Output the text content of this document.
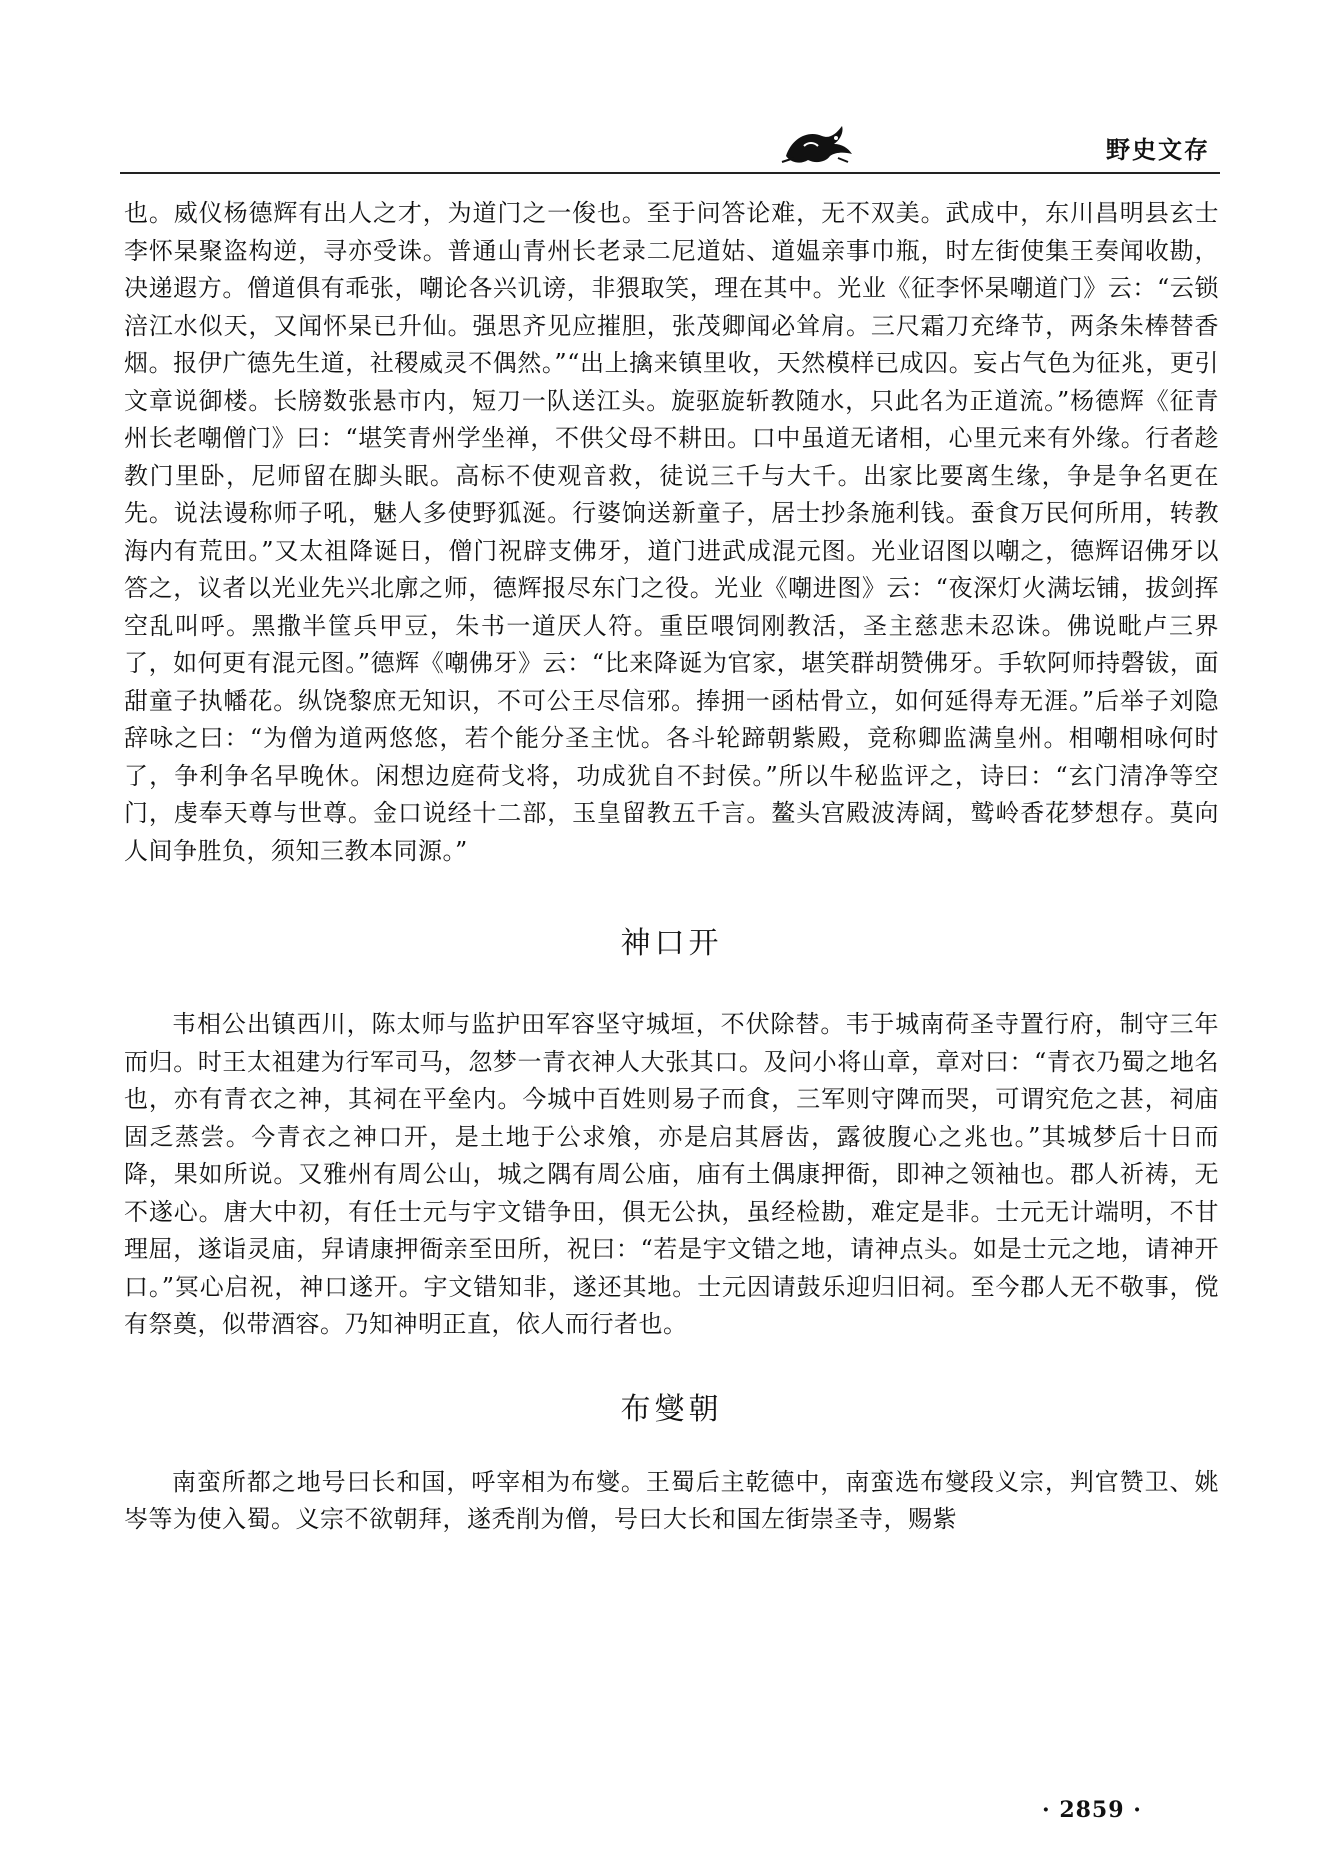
野史文存

也。威仪杨德辉有出人之才，为道门之一俊也。至于问答论难，无不双美。武成中，东川昌明县玄士李怀杲聚盗构逆，寻亦受诛。普通山青州长老录二尼道姑、道媪亲事巾瓶，时左街使集王奏闻收勘，决递遐方。僧道俱有乖张，嘲论各兴讥谤，非猥取笑，理在其中。光业《征李怀杲嘲道门》云：“云锁涪江水似天，又闻怀杲已升仙。强思齐见应摧胆，张茂卿闻必耸肩。三尺霜刀充绛节，两条朱棒替香烟。报伊广德先生道，社稷威灵不偶然。”“出上擒来镇里收，天然模样已成囚。妄占气色为征兆，更引文章说御楼。长牓数张悬市内，短刀一队送江头。旋驱旋斩教随水，只此名为正道流。”杨德辉《征青州长老嘲僧门》曰：“堪笑青州学坐禅，不供父母不耕田。口中虽道无诸相，心里元来有外缘。行者趁教门里卧，尼师留在脚头眠。高标不使观音救，徒说三千与大千。出家比要离生缘，争是争名更在先。说法谩称师子吼，魅人多使野狐涎。行婆饷送新童子，居士抄条施利钱。蚕食万民何所用，转教海内有荒田。”又太祖降诞日，僧门祝辟支佛牙，道门进武成混元图。光业诏图以嘲之，德辉诏佛牙以答之，议者以光业先兴北廓之师，德辉报尽东门之役。光业《嘲进图》云：“夜深灯火满坛铺，拔剑挥空乱叫呼。黑撒半筐兵甲豆，朱书一道厌人符。重臣喂饲刚教活，圣主慈悲未忍诛。佛说毗卢三界了，如何更有混元图。”德辉《嘲佛牙》云：“比来降诞为官家，堪笑群胡赞佛牙。手软阿师持磬钹，面甜童子执幡花。纵饶黎庶无知识，不可公王尽信邪。捧拥一函枯骨立，如何延得寿无涯。”后举子刘隐辞咏之曰：“为僧为道两悠悠，若个能分圣主忧。各斗轮蹄朝紫殿，竞称卿监满皇州。相嘲相咏何时了，争利争名早晚休。闲想边庭荷戈将，功成犹自不封侯。”所以牛秘监评之，诗曰：“玄门清净等空门，虔奉天尊与世尊。金口说经十二部，玉皇留教五千言。鳌头宫殿波涛阔，鹫岭香花梦想存。莫向人间争胜负，须知三教本同源。”

神口开

韦相公出镇西川，陈太师与监护田军容坚守城垣，不伏除替。韦于城南荷圣寺置行府，制守三年而归。时王太祖建为行军司马，忽梦一青衣神人大张其口。及问小将山章，章对曰：“青衣乃蜀之地名也，亦有青衣之神，其祠在平垒内。今城中百姓则易子而食，三军则守陴而哭，可谓究危之甚，祠庙固乏蒸尝。今青衣之神口开，是土地于公求飧，亦是启其唇齿，露彼腹心之兆也。”其城梦后十日而降，果如所说。又雅州有周公山，城之隅有周公庙，庙有土偶康押衙，即神之领袖也。郡人祈祷，无不遂心。唐大中初，有任士元与宇文错争田，俱无公执，虽经检勘，难定是非。士元无计端明，不甘理屈，遂诣灵庙，舁请康押衙亲至田所，祝曰：“若是宇文错之地，请神点头。如是士元之地，请神开口。”冥心启祝，神口遂开。宇文错知非，遂还其地。士元因请鼓乐迎归旧祠。至今郡人无不敬事，傥有祭奠，似带酒容。乃知神明正直，依人而行者也。

布燮朝

南蛮所都之地号曰长和国，呼宰相为布燮。王蜀后主乾德中，南蛮选布燮段义宗，判官赞卫、姚岑等为使入蜀。义宗不欲朝拜，遂秃削为僧，号曰大长和国左街崇圣寺，赐紫

· 2859 ·
